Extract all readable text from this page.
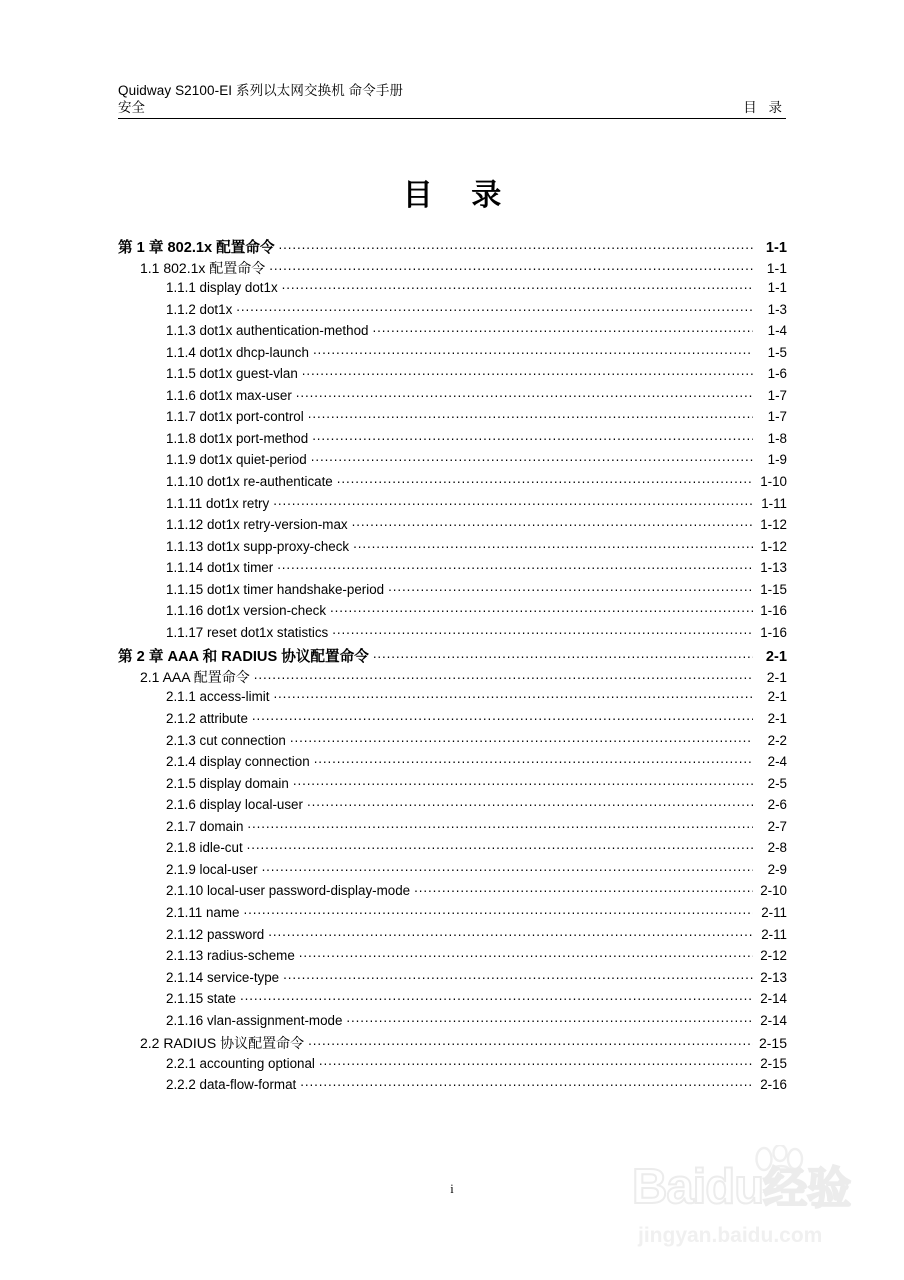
Quidway S2100-EI 系列以太网交换机 命令手册
安全	目 录
目 录
第 1 章 802.1x 配置命令 .....	1-1
1.1 802.1x 配置命令 .....	1-1
1.1.1 display dot1x .....	1-1
1.1.2 dot1x .....	1-3
1.1.3 dot1x authentication-method .....	1-4
1.1.4 dot1x dhcp-launch .....	1-5
1.1.5 dot1x guest-vlan .....	1-6
1.1.6 dot1x max-user .....	1-7
1.1.7 dot1x port-control .....	1-7
1.1.8 dot1x port-method .....	1-8
1.1.9 dot1x quiet-period .....	1-9
1.1.10 dot1x re-authenticate .....	1-10
1.1.11 dot1x retry .....	1-11
1.1.12 dot1x retry-version-max .....	1-12
1.1.13 dot1x supp-proxy-check .....	1-12
1.1.14 dot1x timer .....	1-13
1.1.15 dot1x timer handshake-period .....	1-15
1.1.16 dot1x version-check .....	1-16
1.1.17 reset dot1x statistics .....	1-16
第 2 章 AAA 和 RADIUS 协议配置命令 .....	2-1
2.1 AAA 配置命令 .....	2-1
2.1.1 access-limit .....	2-1
2.1.2 attribute .....	2-1
2.1.3 cut connection .....	2-2
2.1.4 display connection .....	2-4
2.1.5 display domain .....	2-5
2.1.6 display local-user .....	2-6
2.1.7 domain .....	2-7
2.1.8 idle-cut .....	2-8
2.1.9 local-user .....	2-9
2.1.10 local-user password-display-mode .....	2-10
2.1.11 name .....	2-11
2.1.12 password .....	2-11
2.1.13 radius-scheme .....	2-12
2.1.14 service-type .....	2-13
2.1.15 state .....	2-14
2.1.16 vlan-assignment-mode .....	2-14
2.2 RADIUS 协议配置命令 .....	2-15
2.2.1 accounting optional .....	2-15
2.2.2 data-flow-format .....	2-16
i	Baidu经验
jingyan.baidu.com
